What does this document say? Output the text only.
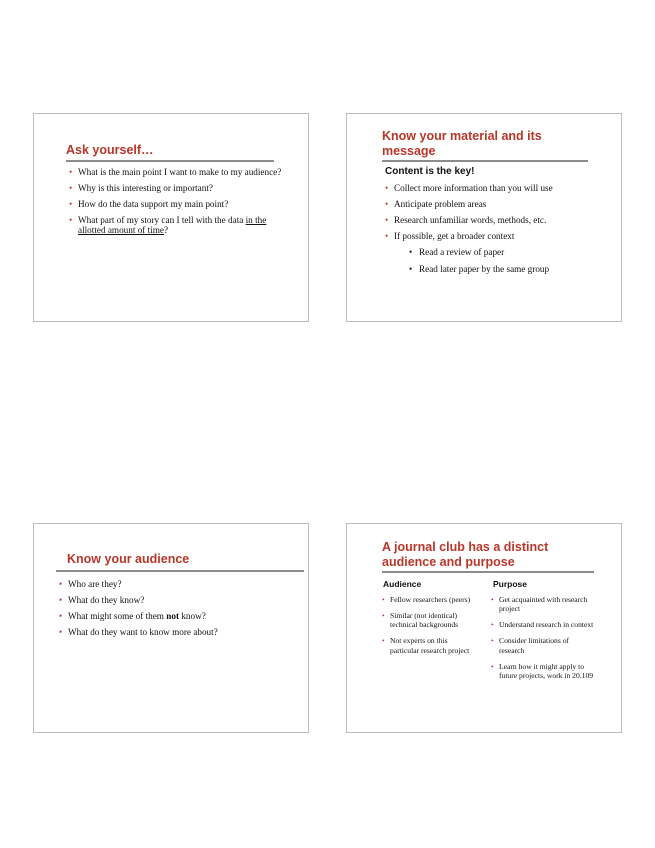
Ask yourself…
• What is the main point I want to make to my audience?
• Why is this interesting or important?
• How do the data support my main point?
• What part of my story can I tell with the data in the allotted amount of time?
Know your material and its message
Content is the key!
• Collect more information than you will use
• Anticipate problem areas
• Research unfamiliar words, methods, etc.
• If possible, get a broader context
• Read a review of paper
• Read later paper by the same group
Know your audience
• Who are they?
• What do they know?
• What might some of them not know?
• What do they want to know more about?
A journal club has a distinct audience and purpose
Audience	Purpose
• Fellow researchers (peers)
• Similar (not identical) technical backgrounds
• Not experts on this particular research project
• Get acquainted with research project
• Understand research in context
• Consider limitations of research
• Learn how it might apply to future projects, work in 20.109
